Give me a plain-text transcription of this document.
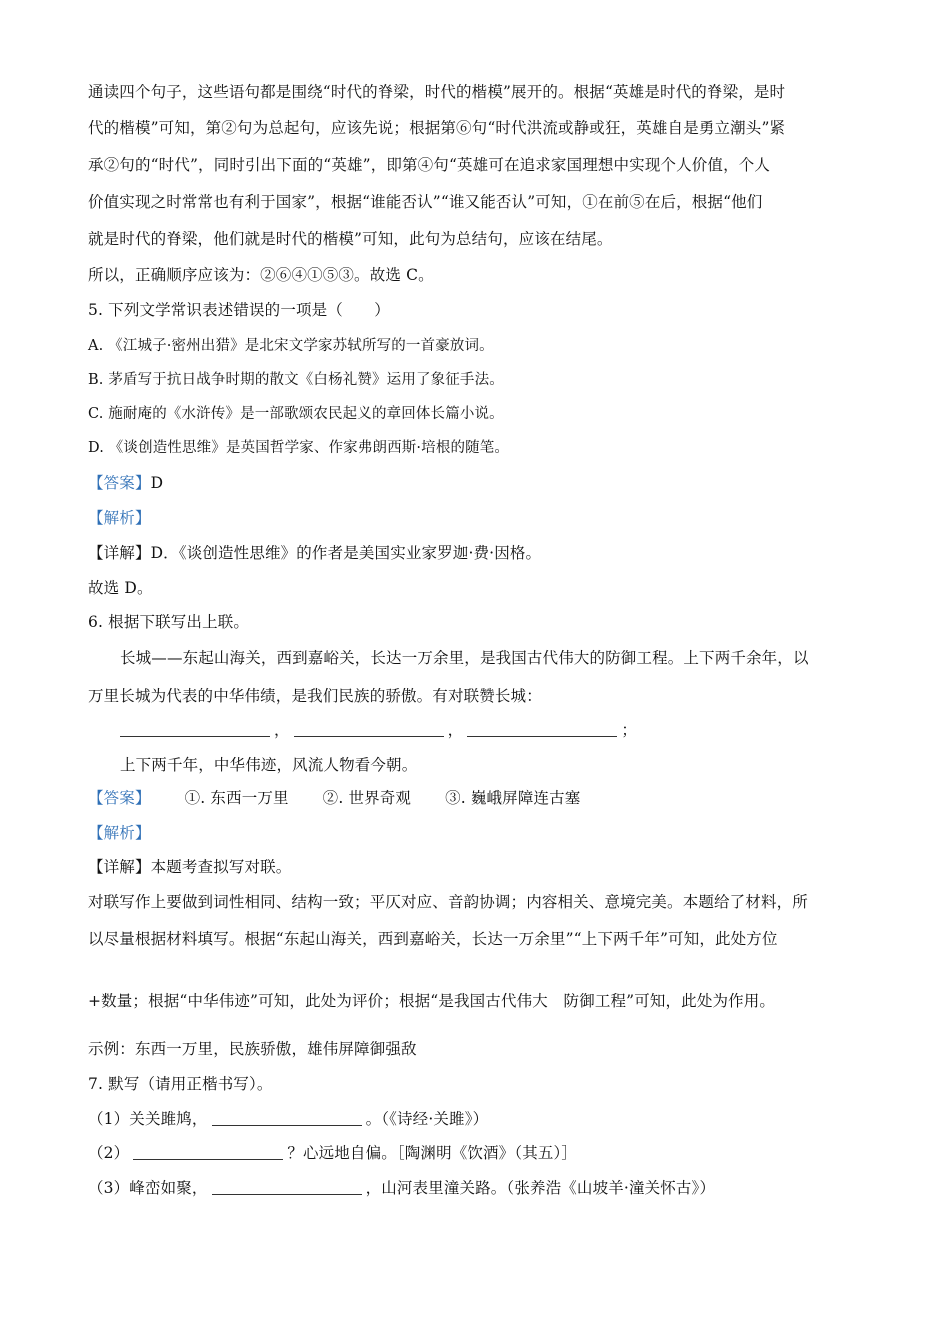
通读四个句子，这些语句都是围绕“时代的脊梁，时代的楷模”展开的。根据“英雄是时代的脊梁，是时
代的楷模”可知，第②句为总起句，应该先说；根据第⑥句“时代洪流或静或狂，英雄自是勇立潮头”紧
承②句的“时代”，同时引出下面的“英雄”，即第④句“英雄可在追求家国理想中实现个人价值，个人
价值实现之时常常也有利于国家”，根据“谁能否认”“谁又能否认”可知，①在前⑤在后，根据“他们
就是时代的脊梁，他们就是时代的楷模”可知，此句为总结句，应该在结尾。
所以，正确顺序应该为：②⑥④①⑤③。故选 C。
5. 下列文学常识表述错误的一项是（　　）
A. 《江城子·密州出猎》是北宋文学家苏轼所写的一首豪放词。
B. 茅盾写于抗日战争时期的散文《白杨礼赞》运用了象征手法。
C. 施耐庵的《水浒传》是一部歌颂农民起义的章回体长篇小说。
D. 《谈创造性思维》是英国哲学家、作家弗朗西斯·培根的随笔。
【答案】D
【解析】
【详解】D．《谈创造性思维》的作者是美国实业家罗迦·费·因格。
故选 D。
6. 根据下联写出上联。
长城——东起山海关，西到嘉峪关，长达一万余里，是我国古代伟大的防御工程。上下两千余年，以
万里长城为代表的中华伟绩，是我们民族的骄傲。有对联赞长城：
，	，	；
上下两千年，中华伟迹，风流人物看今朝。
【答案】 ①. 东西一万里 ②. 世界奇观 ③. 巍峨屏障连古塞
【解析】
【详解】本题考查拟写对联。
对联写作上要做到词性相同、结构一致；平仄对应、音韵协调；内容相关、意境完美。本题给了材料，所
以尽量根据材料填写。根据“东起山海关，西到嘉峪关，长达一万余里”“上下两千年”可知，此处方位
+数量；根据“中华伟迹”可知，此处为评价；根据“是我国古代伟大　防御工程”可知，此处为作用。
示例：东西一万里，民族骄傲，雄伟屏障御强敌
7. 默写（请用正楷书写）。
（1）关关雎鸠，	。（《诗经·关雎》）
（2）	？心远地自偏。［陶渊明《饮酒》（其五）］
（3）峰峦如聚，	，山河表里潼关路。（张养浩《山坡羊·潼关怀古》）
